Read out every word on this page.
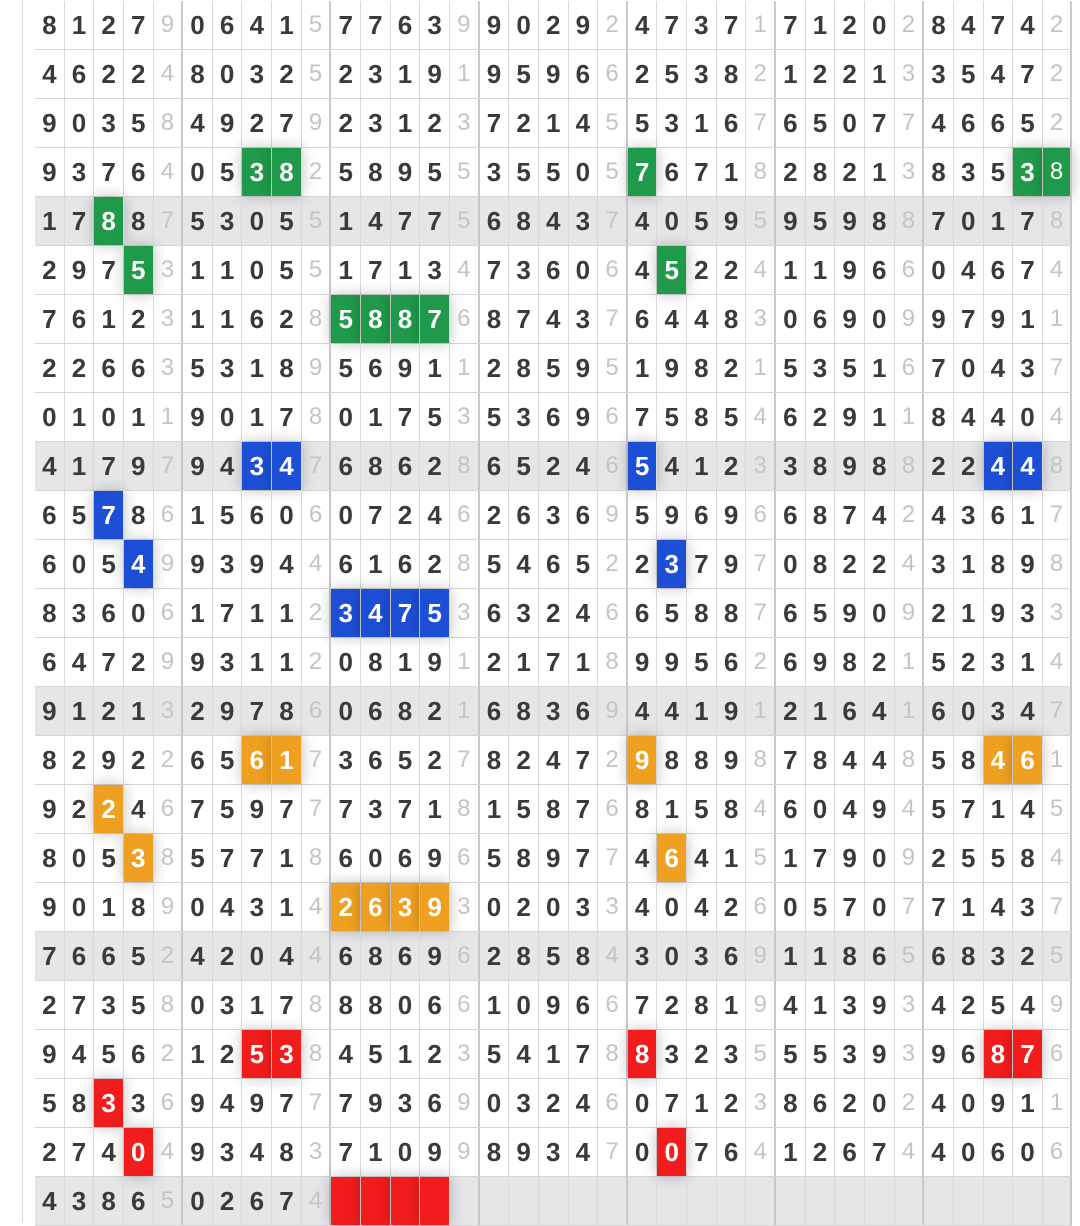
8 1 2 7 9 0 6 4 1 5 7 7 6 3 9 9 0 2 9 2 4 7 3 7 1 7 1 2 0 2 8 4 7 4 2
4 6 2 2 4 8 0 3 2 5 2 3 1 9 1 9 5 9 6 6 2 5 3 8 2 1 2 2 1 3 3 5 4 7 2
9 0 3 5 8 4 9 2 7 9 2 3 1 2 3 7 2 1 4 5 5 3 1 6 7 6 5 0 7 7 4 6 6 5 2
9 3 7 6 4 0 5 3 8 2 5 8 9 5 5 3 5 5 0 5 7 6 7 1 8 2 8 2 1 3 8 3 5 3 8
1 7 8 8 7 5 3 0 5 5 1 4 7 7 5 6 8 4 3 7 4 0 5 9 5 9 5 9 8 8 7 0 1 7 8
2 9 7 5 3 1 1 0 5 5 1 7 1 3 4 7 3 6 0 6 4 5 2 2 4 1 1 9 6 6 0 4 6 7 4
7 6 1 2 3 1 1 6 2 8 5 8 8 7 6 8 7 4 3 7 6 4 4 8 3 0 6 9 0 9 9 7 9 1 1
2 2 6 6 3 5 3 1 8 9 5 6 9 1 1 2 8 5 9 5 1 9 8 2 1 5 3 5 1 6 7 0 4 3 7
0 1 0 1 1 9 0 1 7 8 0 1 7 5 3 5 3 6 9 6 7 5 8 5 4 6 2 9 1 1 8 4 4 0 4
4 1 7 9 7 9 4 3 4 7 6 8 6 2 8 6 5 2 4 6 5 4 1 2 3 3 8 9 8 8 2 2 4 4 8
6 5 7 8 6 1 5 6 0 6 0 7 2 4 6 2 6 3 6 9 5 9 6 9 6 6 8 7 4 2 4 3 6 1 7
6 0 5 4 9 9 3 9 4 4 6 1 6 2 8 5 4 6 5 2 2 3 7 9 7 0 8 2 2 4 3 1 8 9 8
8 3 6 0 6 1 7 1 1 2 3 4 7 5 3 6 3 2 4 6 6 5 8 8 7 6 5 9 0 9 2 1 9 3 3
6 4 7 2 9 9 3 1 1 2 0 8 1 9 1 2 1 7 1 8 9 9 5 6 2 6 9 8 2 1 5 2 3 1 4
9 1 2 1 3 2 9 7 8 6 0 6 8 2 1 6 8 3 6 9 4 4 1 9 1 2 1 6 4 1 6 0 3 4 7
8 2 9 2 2 6 5 6 1 7 3 6 5 2 7 8 2 4 7 2 9 8 8 9 8 7 8 4 4 8 5 8 4 6 1
9 2 2 4 6 7 5 9 7 7 7 3 7 1 8 1 5 8 7 6 8 1 5 8 4 6 0 4 9 4 5 7 1 4 5
8 0 5 3 8 5 7 7 1 8 6 0 6 9 6 5 8 9 7 7 4 6 4 1 5 1 7 9 0 9 2 5 5 8 4
9 0 1 8 9 0 4 3 1 4 2 6 3 9 3 0 2 0 3 3 4 0 4 2 6 0 5 7 0 7 7 1 4 3 7
7 6 6 5 2 4 2 0 4 4 6 8 6 9 6 2 8 5 8 4 3 0 3 6 9 1 1 8 6 5 6 8 3 2 5
2 7 3 5 8 0 3 1 7 8 8 8 0 6 6 1 0 9 6 6 7 2 8 1 9 4 1 3 9 3 4 2 5 4 9
9 4 5 6 2 1 2 5 3 8 4 5 1 2 3 5 4 1 7 8 8 3 2 3 5 5 5 3 9 3 9 6 8 7 6
5 8 3 3 6 9 4 9 7 7 7 9 3 6 9 0 3 2 4 6 0 7 1 2 3 8 6 2 0 2 4 0 9 1 1
2 7 4 0 4 9 3 4 8 3 7 1 0 9 9 8 9 3 4 7 0 0 7 6 4 1 2 6 7 4 4 0 6 0 6
4 3 8 6 5 0 2 6 7 4
